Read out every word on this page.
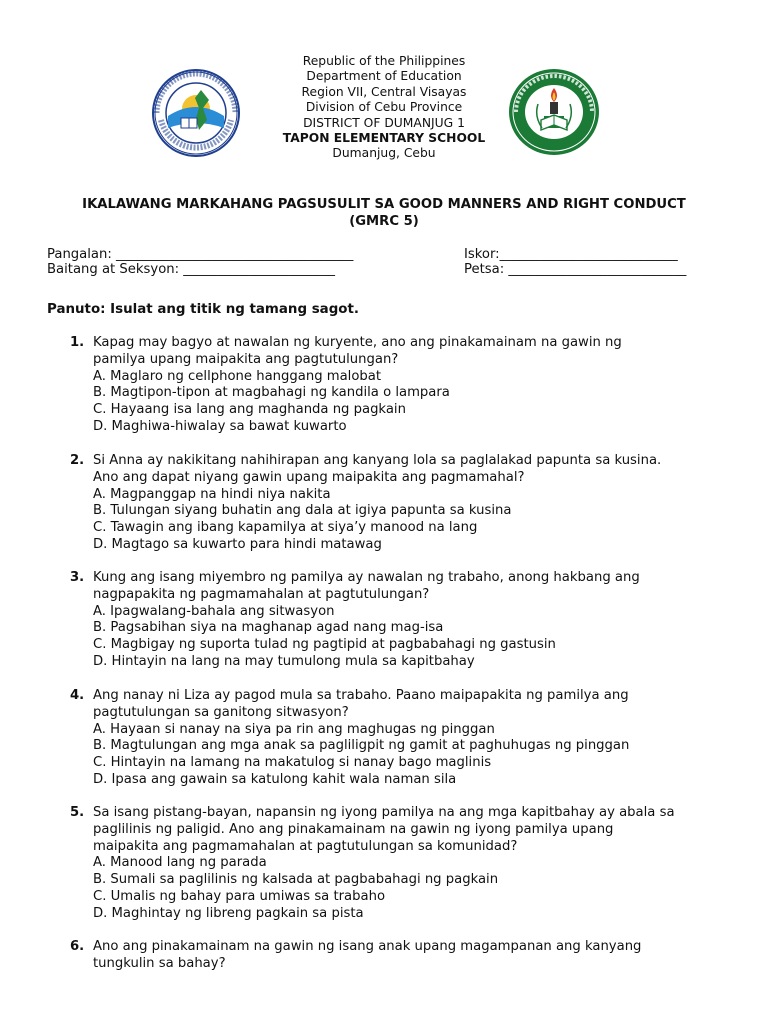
Republic of the Philippines
Department of Education
Region VII, Central Visayas
Division of Cebu Province
DISTRICT OF DUMANJUG 1
TAPON ELEMENTARY SCHOOL
Dumanjug, Cebu
IKALAWANG MARKAHANG PAGSUSULIT SA GOOD MANNERS AND RIGHT CONDUCT
(GMRC 5)
Pangalan: ____________________________________
Baitang at Seksyon: _______________________
Iskor:___________________________
Petsa: ___________________________
Panuto: Isulat ang titik ng tamang sagot.
1. Kapag may bagyo at nawalan ng kuryente, ano ang pinakamainam na gawin ng
pamilya upang maipakita ang pagtutulungan?
A. Maglaro ng cellphone hanggang malobat
B. Magtipon-tipon at magbahagi ng kandila o lampara
C. Hayaang isa lang ang maghanda ng pagkain
D. Maghiwa-hiwalay sa bawat kuwarto
2. Si Anna ay nakikitang nahihirapan ang kanyang lola sa paglalakad papunta sa kusina.
Ano ang dapat niyang gawin upang maipakita ang pagmamahal?
A. Magpanggap na hindi niya nakita
B. Tulungan siyang buhatin ang dala at igiya papunta sa kusina
C. Tawagin ang ibang kapamilya at siya’y manood na lang
D. Magtago sa kuwarto para hindi matawag
3. Kung ang isang miyembro ng pamilya ay nawalan ng trabaho, anong hakbang ang
nagpapakita ng pagmamahalan at pagtutulungan?
A. Ipagwalang-bahala ang sitwasyon
B. Pagsabihan siya na maghanap agad nang mag-isa
C. Magbigay ng suporta tulad ng pagtipid at pagbabahagi ng gastusin
D. Hintayin na lang na may tumulong mula sa kapitbahay
4. Ang nanay ni Liza ay pagod mula sa trabaho. Paano maipapakita ng pamilya ang
pagtutulungan sa ganitong sitwasyon?
A. Hayaan si nanay na siya pa rin ang maghugas ng pinggan
B. Magtulungan ang mga anak sa pagliligpit ng gamit at paghuhugas ng pinggan
C. Hintayin na lamang na makatulog si nanay bago maglinis
D. Ipasa ang gawain sa katulong kahit wala naman sila
5. Sa isang pistang-bayan, napansin ng iyong pamilya na ang mga kapitbahay ay abala sa
paglilinis ng paligid. Ano ang pinakamainam na gawin ng iyong pamilya upang
maipakita ang pagmamahalan at pagtutulungan sa komunidad?
A. Manood lang ng parada
B. Sumali sa paglilinis ng kalsada at pagbabahagi ng pagkain
C. Umalis ng bahay para umiwas sa trabaho
D. Maghintay ng libreng pagkain sa pista
6. Ano ang pinakamainam na gawin ng isang anak upang magampanan ang kanyang
tungkulin sa bahay?
